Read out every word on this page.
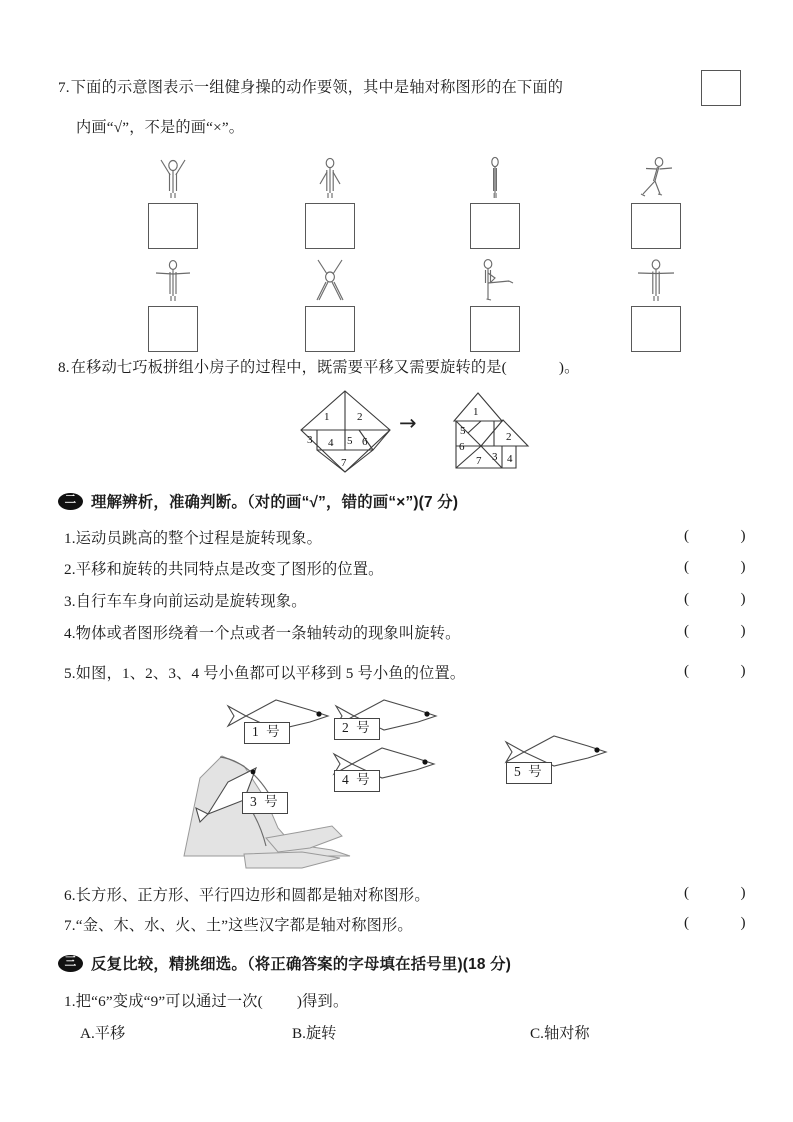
7.下面的示意图表示一组健身操的动作要领，其中是轴对称图形的在下面的
内画“√”，不是的画“×”。
8.在移动七巧板拼组小房子的过程中，既需要平移又需要旋转的是(	)。
1	2
3 4 5 6
7
→	1
2
5
6
7 3 4
二 理解辨析，准确判断。（对的画“√”，错的画“×”)(7 分)
1.运动员跳高的整个过程是旋转现象。	(   )
2.平移和旋转的共同特点是改变了图形的位置。	(   )
3.自行车车身向前运动是旋转现象。	(   )
4.物体或者图形绕着一个点或者一条轴转动的现象叫旋转。	(   )
5.如图，1、2、3、4 号小鱼都可以平移到 5 号小鱼的位置。	(   )
1 号	2 号
3 号
4 号
5 号
6.长方形、正方形、平行四边形和圆都是轴对称图形。	(   )
7.“金、木、水、火、土”这些汉字都是轴对称图形。	(   )
三 反复比较，精挑细选。（将正确答案的字母填在括号里)(18 分)
1.把“6”变成“9”可以通过一次( )得到。
A.平移	B.旋转	C.轴对称
